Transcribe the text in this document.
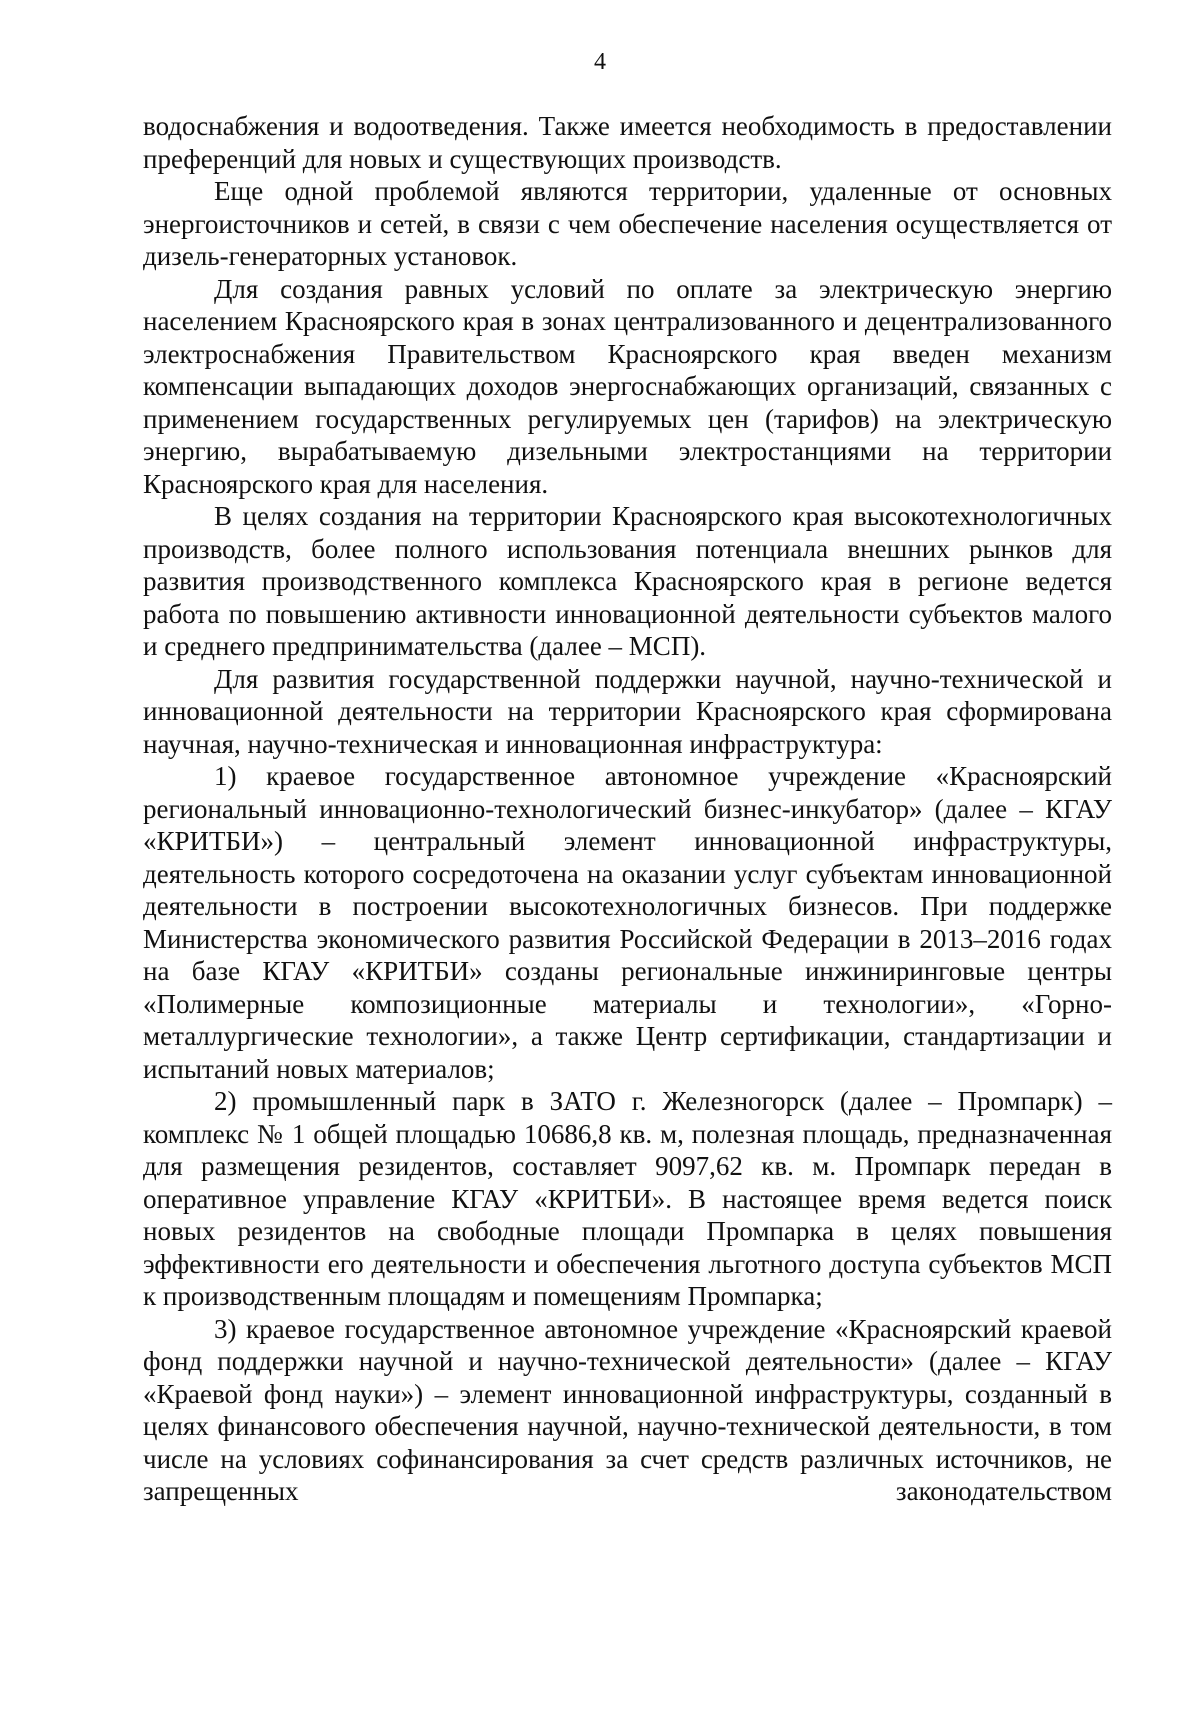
4

водоснабжения и водоотведения. Также имеется необходимость в предоставлении преференций для новых и существующих производств.

Еще одной проблемой являются территории, удаленные от основных энергоисточников и сетей, в связи с чем обеспечение населения осуществляется от дизель-генераторных установок.

Для создания равных условий по оплате за электрическую энергию населением Красноярского края в зонах централизованного и децентрализованного электроснабжения Правительством Красноярского края введен механизм компенсации выпадающих доходов энергоснабжающих организаций, связанных с применением государственных регулируемых цен (тарифов) на электрическую энергию, вырабатываемую дизельными электростанциями на территории Красноярского края для населения.

В целях создания на территории Красноярского края высокотехнологичных производств, более полного использования потенциала внешних рынков для развития производственного комплекса Красноярского края в регионе ведется работа по повышению активности инновационной деятельности субъектов малого и среднего предпринимательства (далее – МСП).

Для развития государственной поддержки научной, научно-технической и инновационной деятельности на территории Красноярского края сформирована научная, научно-техническая и инновационная инфраструктура:

1) краевое государственное автономное учреждение «Красноярский региональный инновационно-технологический бизнес-инкубатор» (далее – КГАУ «КРИТБИ») – центральный элемент инновационной инфраструктуры, деятельность которого сосредоточена на оказании услуг субъектам инновационной деятельности в построении высокотехнологичных бизнесов. При поддержке Министерства экономического развития Российской Федерации в 2013–2016 годах на базе КГАУ «КРИТБИ» созданы региональные инжиниринговые центры «Полимерные композиционные материалы и технологии», «Горно-металлургические технологии», а также Центр сертификации, стандартизации и испытаний новых материалов;

2) промышленный парк в ЗАТО г. Железногорск (далее – Промпарк) – комплекс № 1 общей площадью 10686,8 кв. м, полезная площадь, предназначенная для размещения резидентов, составляет 9097,62 кв. м. Промпарк передан в оперативное управление КГАУ «КРИТБИ». В настоящее время ведется поиск новых резидентов на свободные площади Промпарка в целях повышения эффективности его деятельности и обеспечения льготного доступа субъектов МСП к производственным площадям и помещениям Промпарка;

3) краевое государственное автономное учреждение «Красноярский краевой фонд поддержки научной и научно-технической деятельности» (далее – КГАУ «Краевой фонд науки») – элемент инновационной инфраструктуры, созданный в целях финансового обеспечения научной, научно-технической деятельности, в том числе на условиях софинансирования за счет средств различных источников, не запрещенных законодательством
